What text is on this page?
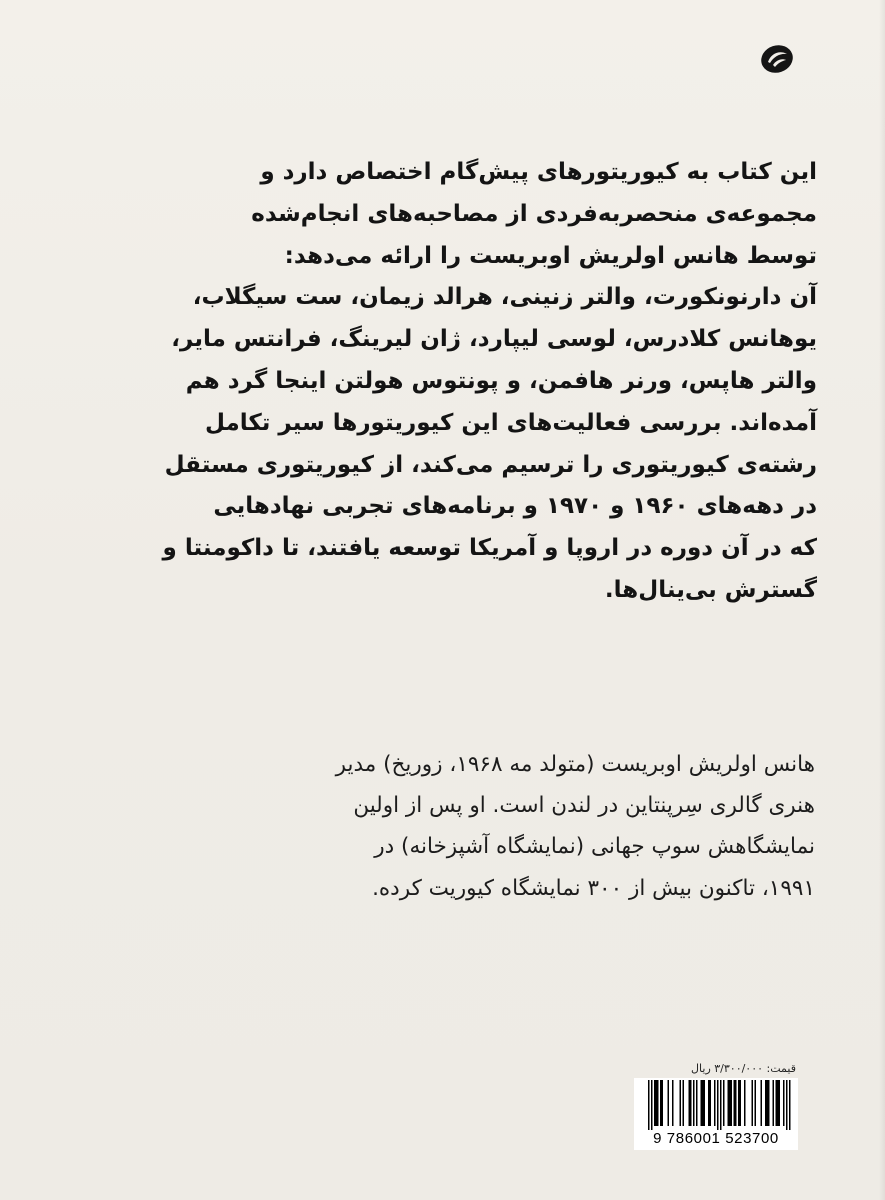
این کتاب به کیوریتورهای پیش‌گام اختصاص دارد و
مجموعه‌ی منحصربه‌فردی از مصاحبه‌های انجام‌شده
توسط هانس اولریش اوبریست را ارائه می‌دهد:
آن دارنونکورت، والتر زنینی، هرالد زیمان، ست سیگلاب،
یوهانس کلادرس، لوسی لیپارد، ژان لیرینگ، فرانتس مایر،
والتر هاپس، ورنر هافمن، و پونتوس هولتن اینجا گرد هم
آمده‌اند. بررسی فعالیت‌های این کیوریتورها سیر تکامل
رشته‌ی کیوریتوری را ترسیم می‌کند، از کیوریتوری مستقل
در دهه‌های ۱۹۶۰ و ۱۹۷۰ و برنامه‌های تجربی نهادهایی
که در آن دوره در اروپا و آمریکا توسعه یافتند، تا داکومنتا و
گسترش بی‌ینال‌ها.
هانس اولریش اوبریست (متولد مه ۱۹۶۸، زوریخ) مدیر
هنری گالری سِرپنتاین در لندن است. او پس از اولین
نمایشگاهش سوپ جهانی (نمایشگاه آشپزخانه) در
۱۹۹۱، تاکنون بیش از ۳۰۰ نمایشگاه کیوریت کرده.
قیمت: ۳/۳۰۰/۰۰۰ ریال
9 786001 523700
